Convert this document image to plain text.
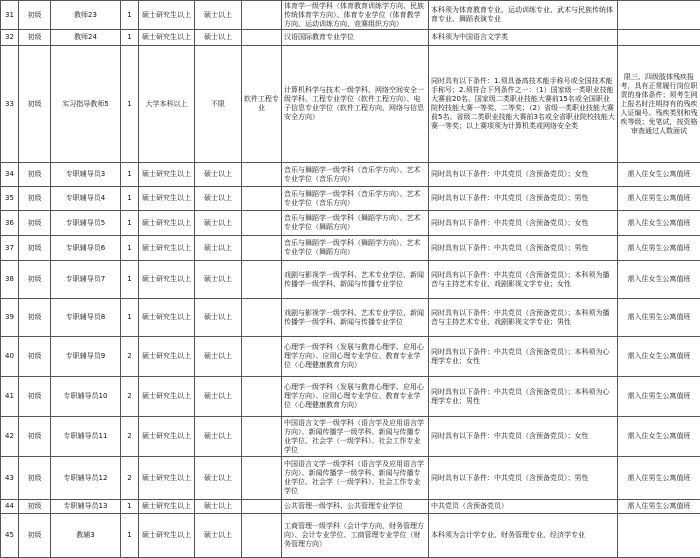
31	初级	教师23	1	硕士研究生以上	硕士以上		体育学一级学科（体育教育训练学方向、民族传统体育学方向）、体育专业学位（体育教学方向、运动训练方向、竞赛组织方向）	本科须为体育教育专业、运动训练专业、武术与民族传统体育专业、舞蹈表演专业	
32	初级	教师24	1	硕士研究生以上	硕士以上		汉语国际教育专业学位	本科须为中国语言文学类	
33	初级	实习指导教师5	1	大学本科以上	不限	软件工程专业	计算机科学与技术一级学科、网络空间安全一级学科、工程专业学位（软件工程方向）、电子信息专业学位（软件工程方向、网络与信息安全方向）	同时具有以下条件：1.须具备高技术能手称号或全国技术能手称号；2.须符合下列条件之一：（1）国家级一类职业技能大赛前20名、国家级二类职业技能大赛前15名或全国职业院校技能大赛一等奖、二等奖；（2）省级一类职业技能大赛前5名、省级二类职业技能大赛前3名或全省职业院校技能大赛一等奖；以上赛项须为计算机类或网络安全类	限三、四级肢体残疾报考，具有正常履行岗位职责的身体条件；须考生网上报名时注明持有的残疾人证编号、残疾类别和残疾等级；免笔试，按资格审查通过人数面试
34	初级	专职辅导员3	1	硕士研究生以上	硕士以上		音乐与舞蹈学一级学科（音乐学方向）、艺术专业学位（音乐方向）	同时具有以下条件：中共党员（含预备党员）；女性	需入住女生公寓值班
35	初级	专职辅导员4	1	硕士研究生以上	硕士以上		音乐与舞蹈学一级学科（音乐学方向）、艺术专业学位（音乐方向）	同时具有以下条件：中共党员（含预备党员）；男性	需入住男生公寓值班
36	初级	专职辅导员5	1	硕士研究生以上	硕士以上		音乐与舞蹈学一级学科（舞蹈学方向）、艺术专业学位（舞蹈方向）	同时具有以下条件：中共党员（含预备党员）；女性	需入住女生公寓值班
37	初级	专职辅导员6	1	硕士研究生以上	硕士以上		音乐与舞蹈学一级学科（舞蹈学方向）、艺术专业学位（舞蹈方向）	同时具有以下条件：中共党员（含预备党员）；男性	需入住男生公寓值班
38	初级	专职辅导员7	1	硕士研究生以上	硕士以上		戏剧与影视学一级学科、艺术专业学位、新闻传播学一级学科、新闻与传播专业学位	同时具有以下条件：中共党员（含预备党员）；本科须为播音与主持艺术专业、戏剧影视文学专业；女性	需入住女生公寓值班
39	初级	专职辅导员8	1	硕士研究生以上	硕士以上		戏剧与影视学一级学科、艺术专业学位、新闻传播学一级学科、新闻与传播专业学位	同时具有以下条件：中共党员（含预备党员）；本科须为播音与主持艺术专业、戏剧影视文学专业；男性	需入住男生公寓值班
40	初级	专职辅导员9	2	硕士研究生以上	硕士以上		心理学一级学科（发展与教育心理学、应用心理学方向）、应用心理专业学位、教育专业学位（心理健康教育方向）	同时具有以下条件：中共党员（含预备党员）；本科须为心理学专业；女性	需入住女生公寓值班
41	初级	专职辅导员10	2	硕士研究生以上	硕士以上		心理学一级学科（发展与教育心理学、应用心理学方向）、应用心理专业学位、教育专业学位（心理健康教育方向）	同时具有以下条件：中共党员（含预备党员）；本科须为心理学专业；男性	需入住男生公寓值班
42	初级	专职辅导员11	2	硕士研究生以上	硕士以上		中国语言文学一级学科（语言学及应用语言学方向）、新闻传播学一级学科、新闻与传播专业学位、社会学（一级学科）、社会工作专业学位	同时具有以下条件：中共党员（含预备党员）；女性	需入住女生公寓值班
43	初级	专职辅导员12	2	硕士研究生以上	硕士以上		中国语言文学一级学科（语言学及应用语言学方向）、新闻传播学一级学科、新闻与传播专业学位、社会学（一级学科）、社会工作专业学位	同时具有以下条件：中共党员（含预备党员）；男性	需入住男生公寓值班
44	初级	专职辅导员13	1	硕士研究生以上	硕士以上		公共管理一级学科、公共管理专业学位	中共党员（含预备党员）	需入住男生公寓值班
45	初级	教辅3	1	硕士研究生以上	硕士以上		工商管理一级学科（会计学方向，财务管理方向）、会计专业学位、工商管理专业学位（财务管理方向）	本科须为会计学专业、财务管理专业、经济学专业	
